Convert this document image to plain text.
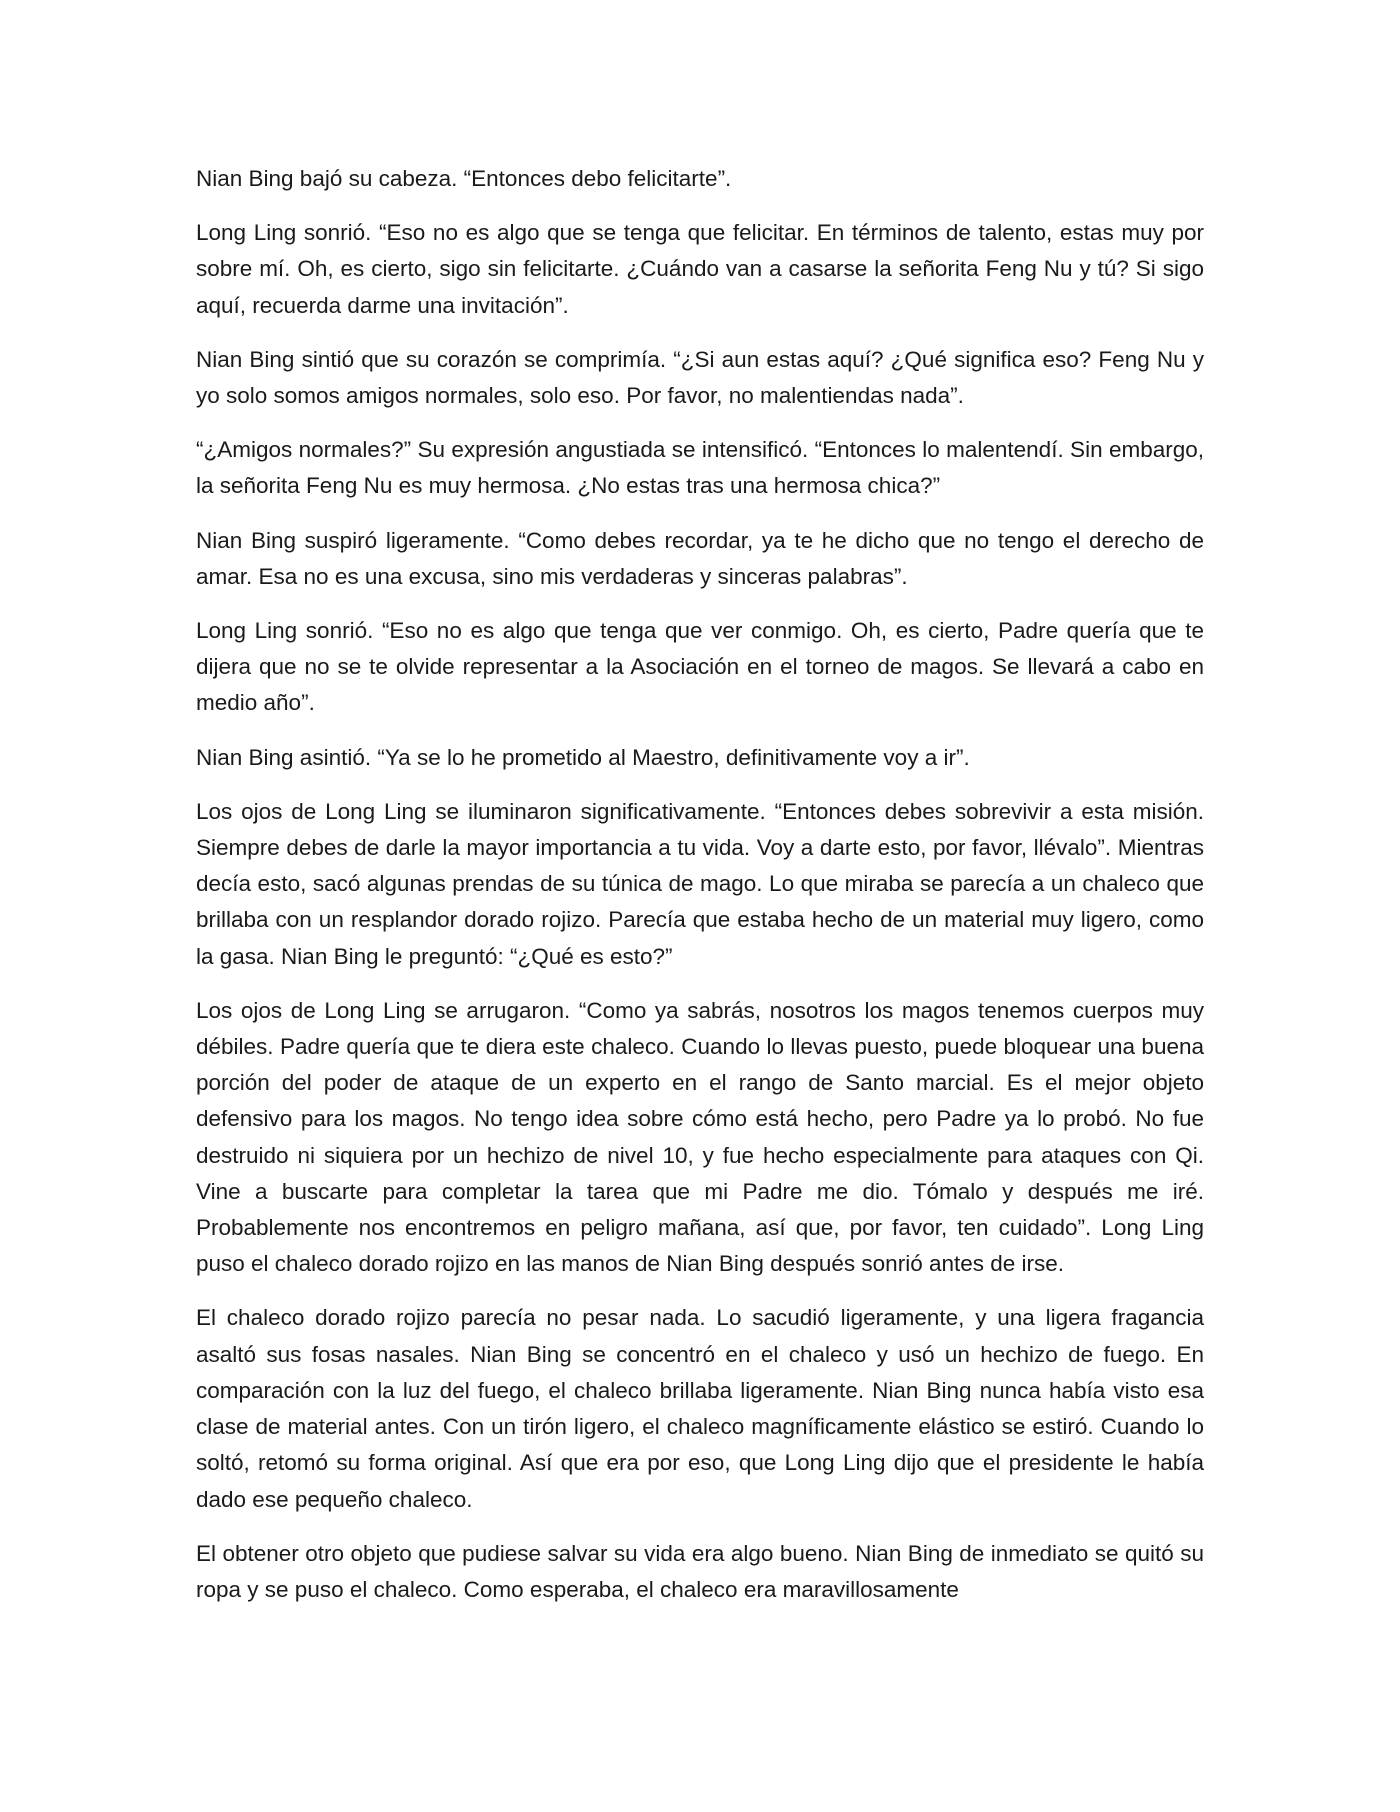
Nian Bing bajó su cabeza. “Entonces debo felicitarte”.

Long Ling sonrió. “Eso no es algo que se tenga que felicitar. En términos de talento, estas muy por sobre mí. Oh, es cierto, sigo sin felicitarte. ¿Cuándo van a casarse la señorita Feng Nu y tú? Si sigo aquí, recuerda darme una invitación”.

Nian Bing sintió que su corazón se comprimía. “¿Si aun estas aquí? ¿Qué significa eso? Feng Nu y yo solo somos amigos normales, solo eso. Por favor, no malentiendas nada”.

“¿Amigos normales?” Su expresión angustiada se intensificó. “Entonces lo malentendí. Sin embargo, la señorita Feng Nu es muy hermosa. ¿No estas tras una hermosa chica?”

Nian Bing suspiró ligeramente. “Como debes recordar, ya te he dicho que no tengo el derecho de amar. Esa no es una excusa, sino mis verdaderas y sinceras palabras”.

Long Ling sonrió. “Eso no es algo que tenga que ver conmigo. Oh, es cierto, Padre quería que te dijera que no se te olvide representar a la Asociación en el torneo de magos. Se llevará a cabo en medio año”.

Nian Bing asintió. “Ya se lo he prometido al Maestro, definitivamente voy a ir”.

Los ojos de Long Ling se iluminaron significativamente. “Entonces debes sobrevivir a esta misión. Siempre debes de darle la mayor importancia a tu vida. Voy a darte esto, por favor, llévalo”. Mientras decía esto, sacó algunas prendas de su túnica de mago. Lo que miraba se parecía a un chaleco que brillaba con un resplandor dorado rojizo. Parecía que estaba hecho de un material muy ligero, como la gasa. Nian Bing le preguntó: “¿Qué es esto?”

Los ojos de Long Ling se arrugaron. “Como ya sabrás, nosotros los magos tenemos cuerpos muy débiles. Padre quería que te diera este chaleco. Cuando lo llevas puesto, puede bloquear una buena porción del poder de ataque de un experto en el rango de Santo marcial. Es el mejor objeto defensivo para los magos. No tengo idea sobre cómo está hecho, pero Padre ya lo probó. No fue destruido ni siquiera por un hechizo de nivel 10, y fue hecho especialmente para ataques con Qi. Vine a buscarte para completar la tarea que mi Padre me dio. Tómalo y después me iré. Probablemente nos encontremos en peligro mañana, así que, por favor, ten cuidado”. Long Ling puso el chaleco dorado rojizo en las manos de Nian Bing después sonrió antes de irse.

El chaleco dorado rojizo parecía no pesar nada. Lo sacudió ligeramente, y una ligera fragancia asaltó sus fosas nasales. Nian Bing se concentró en el chaleco y usó un hechizo de fuego. En comparación con la luz del fuego, el chaleco brillaba ligeramente. Nian Bing nunca había visto esa clase de material antes. Con un tirón ligero, el chaleco magníficamente elástico se estiró. Cuando lo soltó, retomó su forma original. Así que era por eso, que Long Ling dijo que el presidente le había dado ese pequeño chaleco.

El obtener otro objeto que pudiese salvar su vida era algo bueno. Nian Bing de inmediato se quitó su ropa y se puso el chaleco. Como esperaba, el chaleco era maravillosamente
